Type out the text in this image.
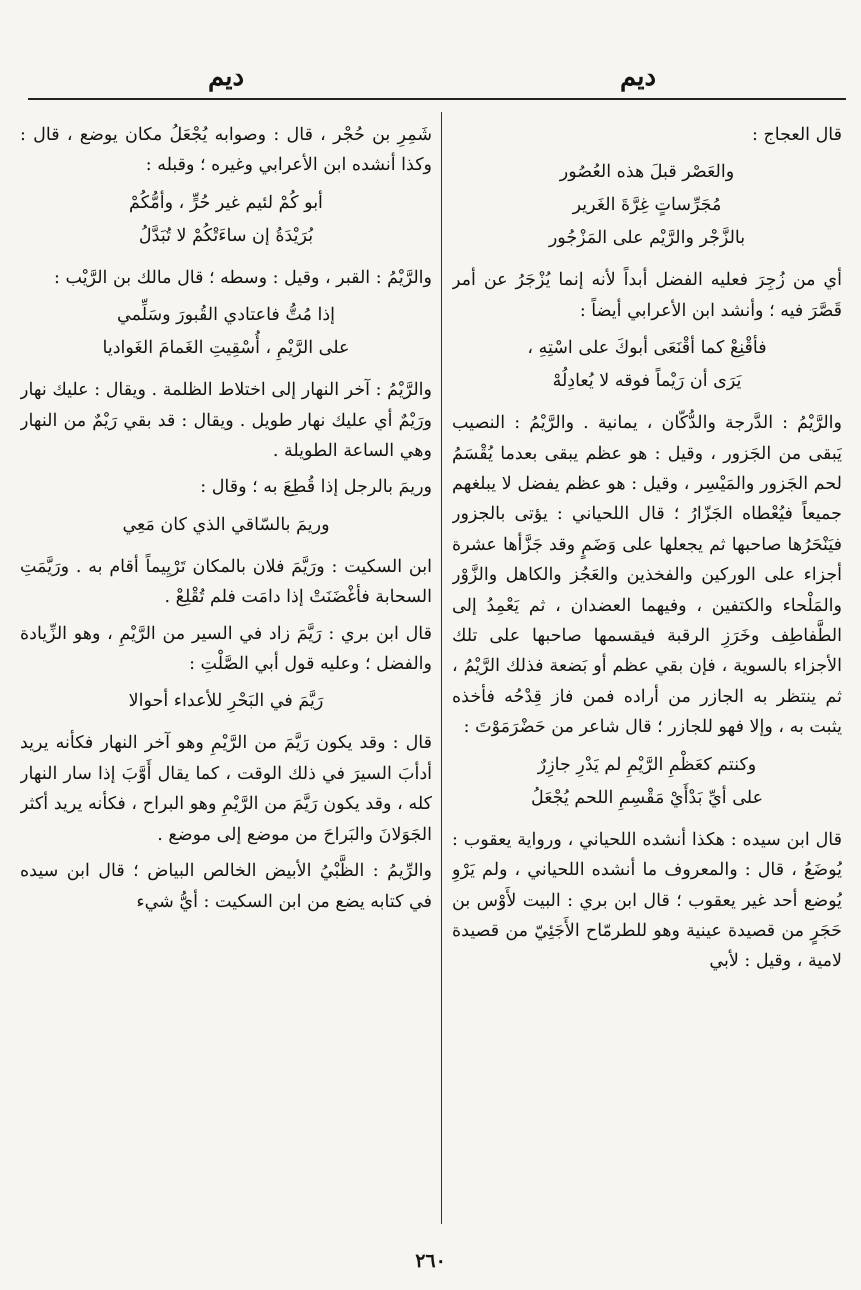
ديم
ديم

قال العجاج :

والعَصْر قبلَ هذه العُصُور
مُجَرِّساتٍ غِرَّةَ الغَرير
بالزَّجْر والرَّيْم على المَزْجُور

أي من زُجِرَ فعليه الفضل أبداً لأنه إنما يُزْجَرُ عن أمر قَصَّرَ فيه ؛ وأنشد ابن الأعرابي أيضاً :

فأقْنِعْ كما أقْنَعَى أبوكَ على اسْتِهِ ،
يَرَى أن رَيْماً فوقه لا يُعادِلُهْ

والرَّيْمُ : الدَّرجة والدُّكّان ، يمانية . والرَّيْمُ : النصيب يَبقى من الجَزور ، وقيل : هو عظم يبقى بعدما يُقْسَمُ لحم الجَزور والمَيْسِر ، وقيل : هو عظم يفضل لا يبلغهم جميعاً فيُعْطاه الجَزّارُ ؛ قال اللحياني : يؤتى بالجزور فيَنْحَرُها صاحبها ثم يجعلها على وَضَمٍ وقد جَزَّأها عشرة أجزاء على الوركين والفخذين والعَجُز والكاهل والزَّوْر والمَلْحاء والكتفين ، وفيهما العضدان ، ثم يَعْمِدُ إلى الطَّفاطِف وخَرَزِ الرقبة فيقسمها صاحبها على تلك الأجزاء بالسوية ، فإن بقي عظم أو بَضعة فذلك الرَّيْمُ ، ثم ينتظر به الجازر من أراده فمن فاز قِدْحُه فأخذه يثبت به ، وإلا فهو للجازر ؛ قال شاعر من حَضْرَمَوْتَ :

وكنتم كعَظْمِ الرَّيْمِ لم يَدْرِ جازِرٌ
على أيِّ بَدْأَيْ مَقْسِمِ اللحم يُجْعَلُ

قال ابن سيده : هكذا أنشده اللحياني ، ورواية يعقوب : يُوضَعُ ، قال : والمعروف ما أنشده اللحياني ، ولم يَرْوِ يُوضع أحد غير يعقوب ؛ قال ابن بري : البيت لأَوْس بن حَجَرٍ من قصيدة عينية وهو للطرمّاح الأَجَئِيّ من قصيدة لامية ، وقيل : لأبي

شَمِرِ بن حُجْر ، قال : وصوابه يُجْعَلُ مكان يوضع ، قال : وكذا أنشده ابن الأعرابي وغيره ؛ وقبله :

أبو كُمْ لئيم غير حُرٍّ ، وأمُّكُمْ
بُرَيْدَةُ إن ساءَتْكُمْ لا تُبَدَّلُ

والرَّيْمُ : القبر ، وقيل : وسطه ؛ قال مالك بن الرَّيْب :

إذا مُتُّ فاعتادي القُبورَ وسَلِّمي
على الرَّيْمِ ، أُسْقِيتِ الغَمامَ الغَواديا

والرَّيْمُ : آخر النهار إلى اختلاط الظلمة . ويقال : عليك نهار ورَيْمٌ أي عليك نهار طويل . ويقال : قد بقي رَيْمٌ من النهار وهي الساعة الطويلة .

وريمَ بالرجل إذا قُطِعَ به ؛ وقال :

وريمَ بالسّاقي الذي كان مَعِي

ابن السكيت : ورَيَّمَ فلان بالمكان تَرْيِيماً أقام به . ورَيَّمَتِ السحابة فأغْضَنَتْ إذا دامَت فلم تُقْلِعْ .

قال ابن بري : رَيَّمَ زاد في السير من الرَّيْمِ ، وهو الزِّيادة والفضل ؛ وعليه قول أبي الصَّلْتِ :

رَيَّمَ في البَحْرِ للأعداء أحوالا

قال : وقد يكون رَيَّمَ من الرَّيْمِ وهو آخر النهار فكأنه يريد أدأبَ السيرَ في ذلك الوقت ، كما يقال أَوَّبَ إذا سار النهار كله ، وقد يكون رَيَّمَ من الرَّيْمِ وهو البراح ، فكأنه يريد أكثر الجَوَلانَ والبَراحَ من موضع إلى موضع .

والرِّيمُ : الظَّبْيُ الأبيض الخالص البياض ؛ قال ابن سيده في كتابه يضع من ابن السكيت : أيُّ شيء

٢٦٠
